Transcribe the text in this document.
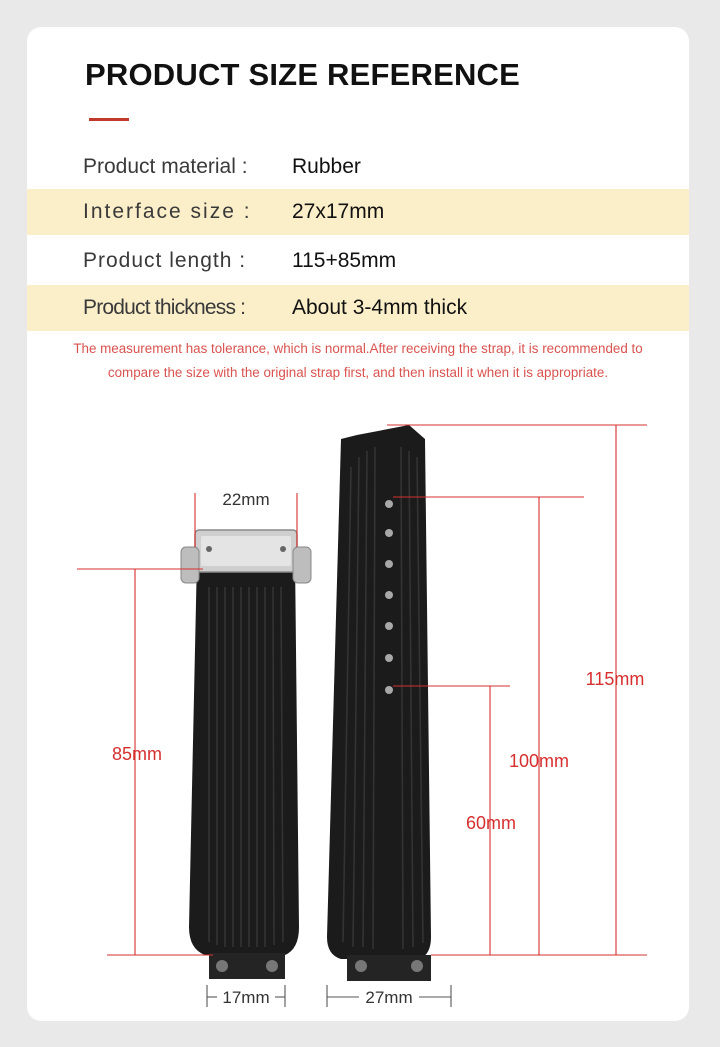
PRODUCT SIZE REFERENCE
Product material : Rubber
Interface size : 27x17mm
Product length : 115+85mm
Product thickness : About 3-4mm thick
The measurement has tolerance, which is normal.After receiving the strap, it is recommended to compare the size with the original strap first, and then install it when it is appropriate.
22mm
85mm
115mm
100mm
60mm
17mm	27mm
